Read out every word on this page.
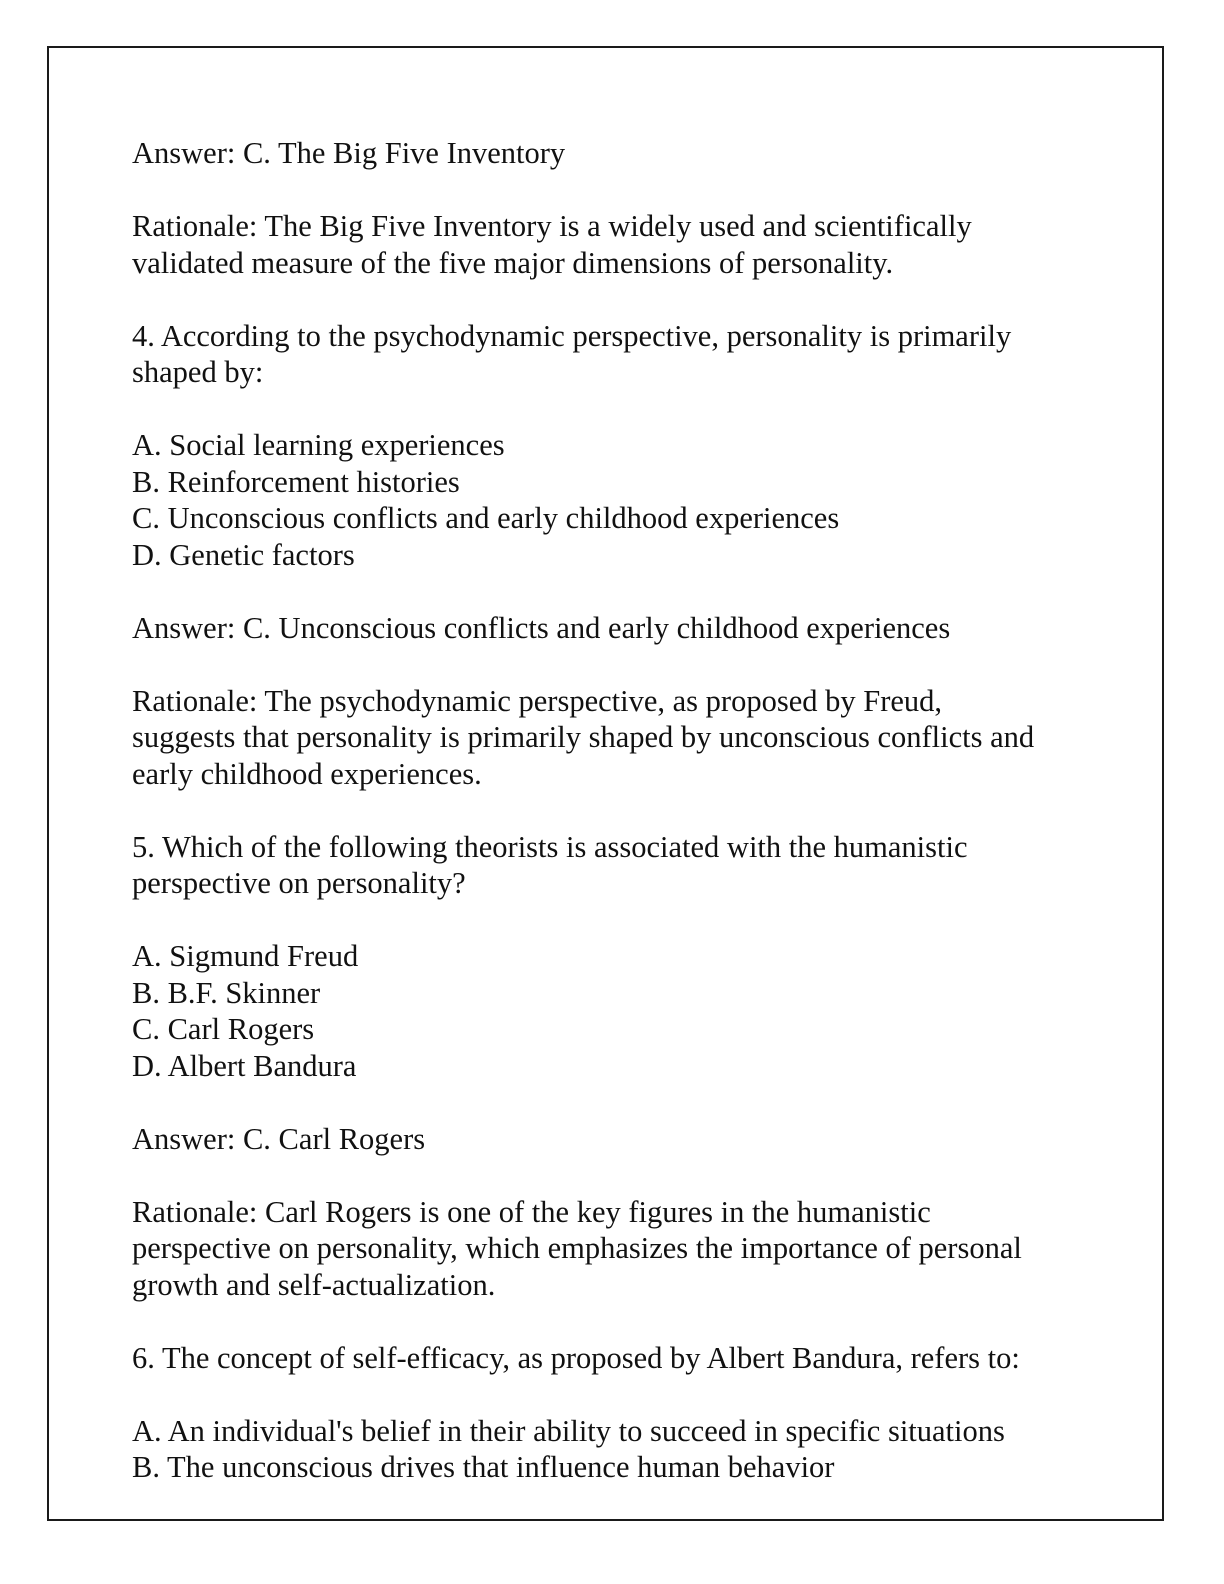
Answer: C. The Big Five Inventory
Rationale: The Big Five Inventory is a widely used and scientifically
validated measure of the five major dimensions of personality.
4. According to the psychodynamic perspective, personality is primarily
shaped by:
A. Social learning experiences
B. Reinforcement histories
C. Unconscious conflicts and early childhood experiences
D. Genetic factors
Answer: C. Unconscious conflicts and early childhood experiences
Rationale: The psychodynamic perspective, as proposed by Freud,
suggests that personality is primarily shaped by unconscious conflicts and
early childhood experiences.
5. Which of the following theorists is associated with the humanistic
perspective on personality?
A. Sigmund Freud
B. B.F. Skinner
C. Carl Rogers
D. Albert Bandura
Answer: C. Carl Rogers
Rationale: Carl Rogers is one of the key figures in the humanistic
perspective on personality, which emphasizes the importance of personal
growth and self-actualization.
6. The concept of self-efficacy, as proposed by Albert Bandura, refers to:
A. An individual's belief in their ability to succeed in specific situations
B. The unconscious drives that influence human behavior
